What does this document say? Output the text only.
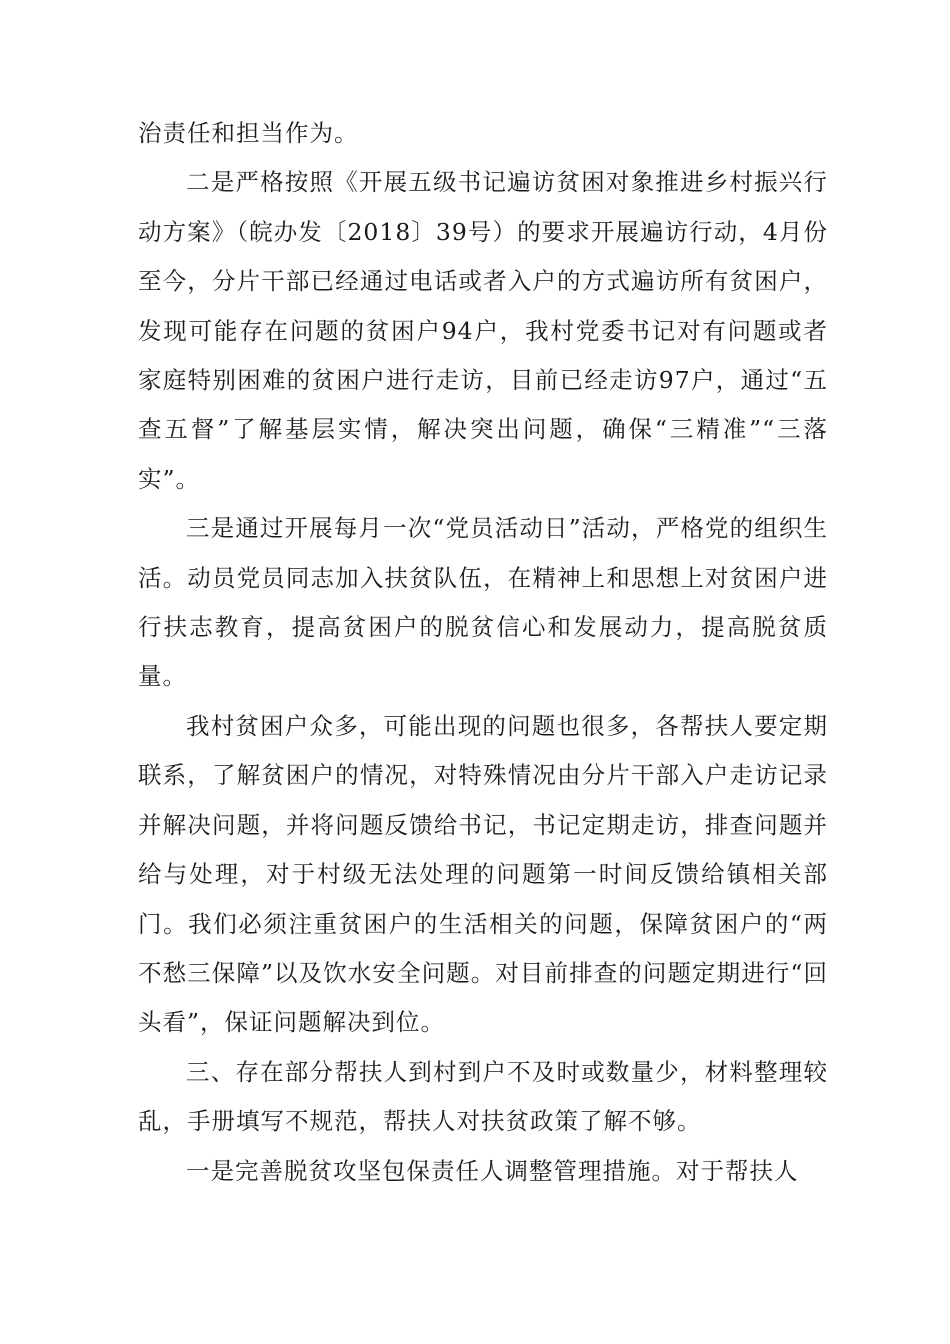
治责任和担当作为。

二是严格按照《开展五级书记遍访贫困对象推进乡村振兴行动方案》（皖办发〔2018〕39号）的要求开展遍访行动，4月份至今，分片干部已经通过电话或者入户的方式遍访所有贫困户，发现可能存在问题的贫困户94户，我村党委书记对有问题或者家庭特别困难的贫困户进行走访，目前已经走访97户，通过“五查五督”了解基层实情，解决突出问题，确保“三精准”“三落实”。

三是通过开展每月一次“党员活动日”活动，严格党的组织生活。动员党员同志加入扶贫队伍，在精神上和思想上对贫困户进行扶志教育，提高贫困户的脱贫信心和发展动力，提高脱贫质量。

我村贫困户众多，可能出现的问题也很多，各帮扶人要定期联系，了解贫困户的情况，对特殊情况由分片干部入户走访记录并解决问题，并将问题反馈给书记，书记定期走访，排查问题并给与处理，对于村级无法处理的问题第一时间反馈给镇相关部门。我们必须注重贫困户的生活相关的问题，保障贫困户的“两不愁三保障”以及饮水安全问题。对目前排查的问题定期进行“回头看”，保证问题解决到位。

三、存在部分帮扶人到村到户不及时或数量少，材料整理较乱，手册填写不规范，帮扶人对扶贫政策了解不够。

一是完善脱贫攻坚包保责任人调整管理措施。对于帮扶人
